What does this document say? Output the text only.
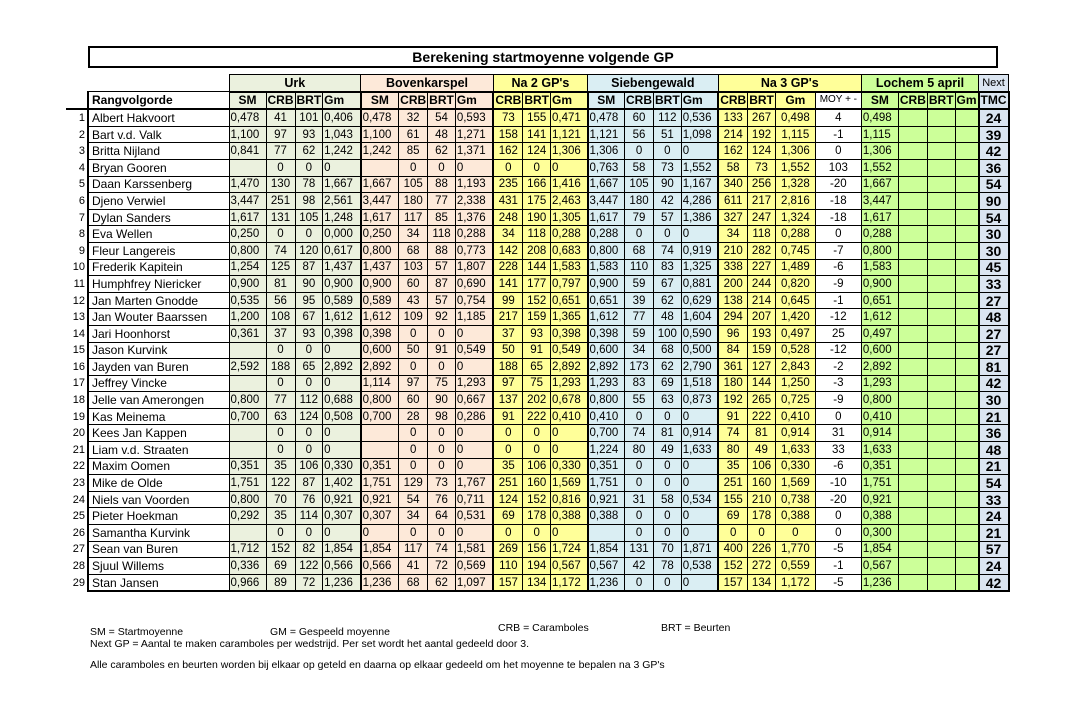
Berekening startmoyenne volgende GP
		Urk				Bovenkarspel				Na 2 GP's			Siebengewald				Na 3 GP's				Lochem 5 april				Next
	Rangvolgorde	SM	CRB	BRT	Gm	SM	CRB	BRT	Gm	CRB	BRT	Gm	SM	CRB	BRT	Gm	CRB	BRT	Gm	MOY + -	SM	CRB	BRT	Gm	TMC
1	Albert Hakvoort	0,478	41	101	0,406	0,478	32	54	0,593	73	155	0,471	0,478	60	112	0,536	133	267	0,498	4	0,498				24
2	Bart v.d. Valk	1,100	97	93	1,043	1,100	61	48	1,271	158	141	1,121	1,121	56	51	1,098	214	192	1,115	-1	1,115				39
3	Britta Nijland	0,841	77	62	1,242	1,242	85	62	1,371	162	124	1,306	1,306	0	0	0	162	124	1,306	0	1,306				42
4	Bryan Gooren		0	0	0		0	0	0	0	0	0	0,763	58	73	1,552	58	73	1,552	103	1,552				36
5	Daan Karssenberg	1,470	130	78	1,667	1,667	105	88	1,193	235	166	1,416	1,667	105	90	1,167	340	256	1,328	-20	1,667				54
6	Djeno Verwiel	3,447	251	98	2,561	3,447	180	77	2,338	431	175	2,463	3,447	180	42	4,286	611	217	2,816	-18	3,447				90
7	Dylan Sanders	1,617	131	105	1,248	1,617	117	85	1,376	248	190	1,305	1,617	79	57	1,386	327	247	1,324	-18	1,617				54
8	Eva Wellen	0,250	0	0	0,000	0,250	34	118	0,288	34	118	0,288	0,288	0	0	0	34	118	0,288	0	0,288				30
9	Fleur Langereis	0,800	74	120	0,617	0,800	68	88	0,773	142	208	0,683	0,800	68	74	0,919	210	282	0,745	-7	0,800				30
10	Frederik Kapitein	1,254	125	87	1,437	1,437	103	57	1,807	228	144	1,583	1,583	110	83	1,325	338	227	1,489	-6	1,583				45
11	Humphfrey Niericker	0,900	81	90	0,900	0,900	60	87	0,690	141	177	0,797	0,900	59	67	0,881	200	244	0,820	-9	0,900				33
12	Jan Marten Gnodde	0,535	56	95	0,589	0,589	43	57	0,754	99	152	0,651	0,651	39	62	0,629	138	214	0,645	-1	0,651				27
13	Jan Wouter Baarssen	1,200	108	67	1,612	1,612	109	92	1,185	217	159	1,365	1,612	77	48	1,604	294	207	1,420	-12	1,612				48
14	Jari Hoonhorst	0,361	37	93	0,398	0,398	0	0	0	37	93	0,398	0,398	59	100	0,590	96	193	0,497	25	0,497				27
15	Jason Kurvink		0	0	0	0,600	50	91	0,549	50	91	0,549	0,600	34	68	0,500	84	159	0,528	-12	0,600				27
16	Jayden van Buren	2,592	188	65	2,892	2,892	0	0	0	188	65	2,892	2,892	173	62	2,790	361	127	2,843	-2	2,892				81
17	Jeffrey Vincke		0	0	0	1,114	97	75	1,293	97	75	1,293	1,293	83	69	1,518	180	144	1,250	-3	1,293				42
18	Jelle van Amerongen	0,800	77	112	0,688	0,800	60	90	0,667	137	202	0,678	0,800	55	63	0,873	192	265	0,725	-9	0,800				30
19	Kas Meinema	0,700	63	124	0,508	0,700	28	98	0,286	91	222	0,410	0,410	0	0	0	91	222	0,410	0	0,410				21
20	Kees Jan Kappen		0	0	0		0	0	0	0	0	0	0,700	74	81	0,914	74	81	0,914	31	0,914				36
21	Liam v.d. Straaten		0	0	0		0	0	0	0	0	0	1,224	80	49	1,633	80	49	1,633	33	1,633				48
22	Maxim Oomen	0,351	35	106	0,330	0,351	0	0	0	35	106	0,330	0,351	0	0	0	35	106	0,330	-6	0,351				21
23	Mike de Olde	1,751	122	87	1,402	1,751	129	73	1,767	251	160	1,569	1,751	0	0	0	251	160	1,569	-10	1,751				54
24	Niels van Voorden	0,800	70	76	0,921	0,921	54	76	0,711	124	152	0,816	0,921	31	58	0,534	155	210	0,738	-20	0,921				33
25	Pieter Hoekman	0,292	35	114	0,307	0,307	34	64	0,531	69	178	0,388	0,388	0	0	0	69	178	0,388	0	0,388				24
26	Samantha Kurvink		0	0	0	0	0	0	0	0	0	0		0	0	0	0	0	0	0	0,300				21
27	Sean van Buren	1,712	152	82	1,854	1,854	117	74	1,581	269	156	1,724	1,854	131	70	1,871	400	226	1,770	-5	1,854				57
28	Sjuul Willems	0,336	69	122	0,566	0,566	41	72	0,569	110	194	0,567	0,567	42	78	0,538	152	272	0,559	-1	0,567				24
29	Stan Jansen	0,966	89	72	1,236	1,236	68	62	1,097	157	134	1,172	1,236	0	0	0	157	134	1,172	-5	1,236				42
SM = Startmoyenne	GM = Gespeeld moyenne	CRB = Caramboles	BRT = Beurten
Next GP = Aantal te maken caramboles per wedstrijd. Per set wordt het aantal gedeeld door 3.
Alle caramboles en beurten worden bij elkaar op geteld en daarna op elkaar gedeeld om het moyenne te bepalen na 3 GP's
